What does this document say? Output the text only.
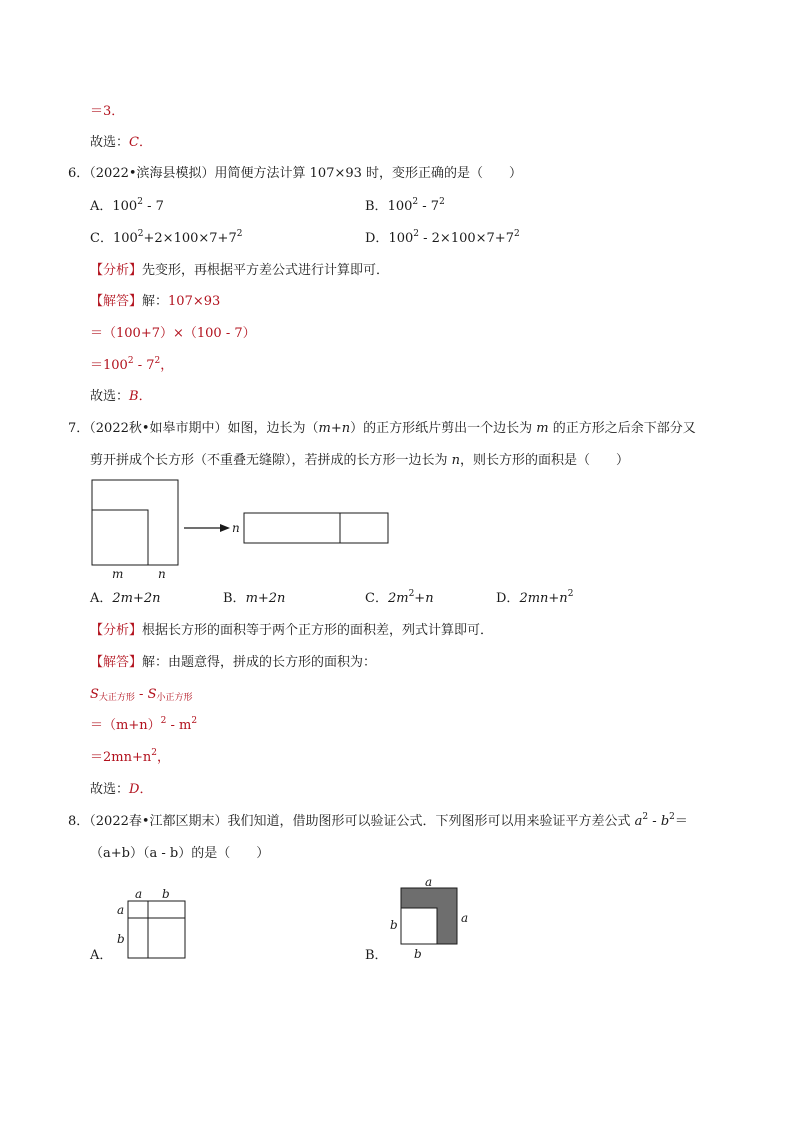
＝3．
故选：C．
6．（2022•滨海县模拟）用简便方法计算 107×93 时，变形正确的是（　　）
A．$100^2 - 7$	B．$100^2 - 7^2$
C．$100^2+2\times 100\times 7+7^2$	D．$100^2 - 2\times 100\times 7+7^2$
【分析】先变形，再根据平方差公式进行计算即可．
【解答】解：107×93
＝（100+7）×（100 - 7）
$=100^2 - 7^2$，
故选：B．
7．（2022秋•如皋市期中）如图，边长为（m+n）的正方形纸片剪出一个边长为 m 的正方形之后余下部分又
剪开拼成个长方形（不重叠无缝隙），若拼成的长方形一边长为 n，则长方形的面积是（　　）
m	n
n
A．2m+2n	B．m+2n	C．$2m^2+n$	D．$2mn+n^2$
【分析】根据长方形的面积等于两个正方形的面积差，列式计算即可．
【解答】解：由题意得，拼成的长方形的面积为：
$S_{大正方形} - S_{小正方形}$
$=(m+n)^2 - m^2$
$=2mn+n^2$，
故选：D．
8．（2022春•江都区期末）我们知道，借助图形可以验证公式．下列图形可以用来验证平方差公式 $a^2 - b^2=$
（a+b）（a - b）的是（　　）
a b
a
b
a
a
b
b
A．	B．
